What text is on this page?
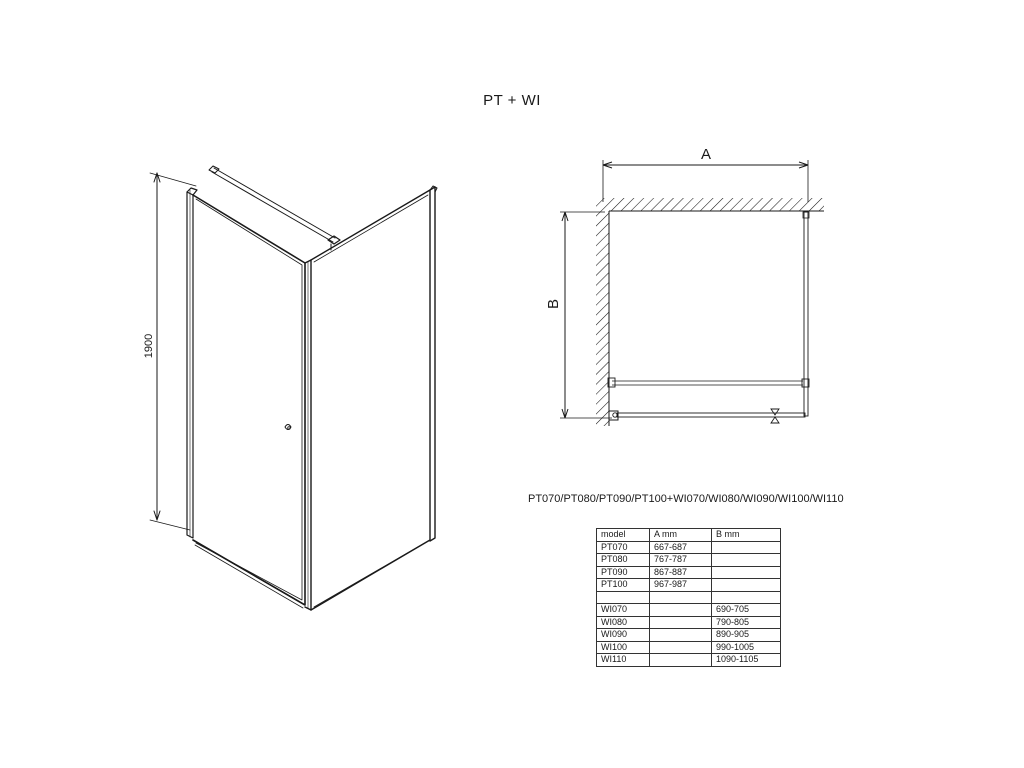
PT + WI
1900
A
B
PT070/PT080/PT090/PT100+WI070/WI080/WI090/WI100/WI110
model	A mm	B mm
PT070	667-687	
PT080	767-787	
PT090	867-887	
PT100	967-987	

WI070		690-705
WI080		790-805
WI090		890-905
WI100		990-1005
WI110		1090-1105
